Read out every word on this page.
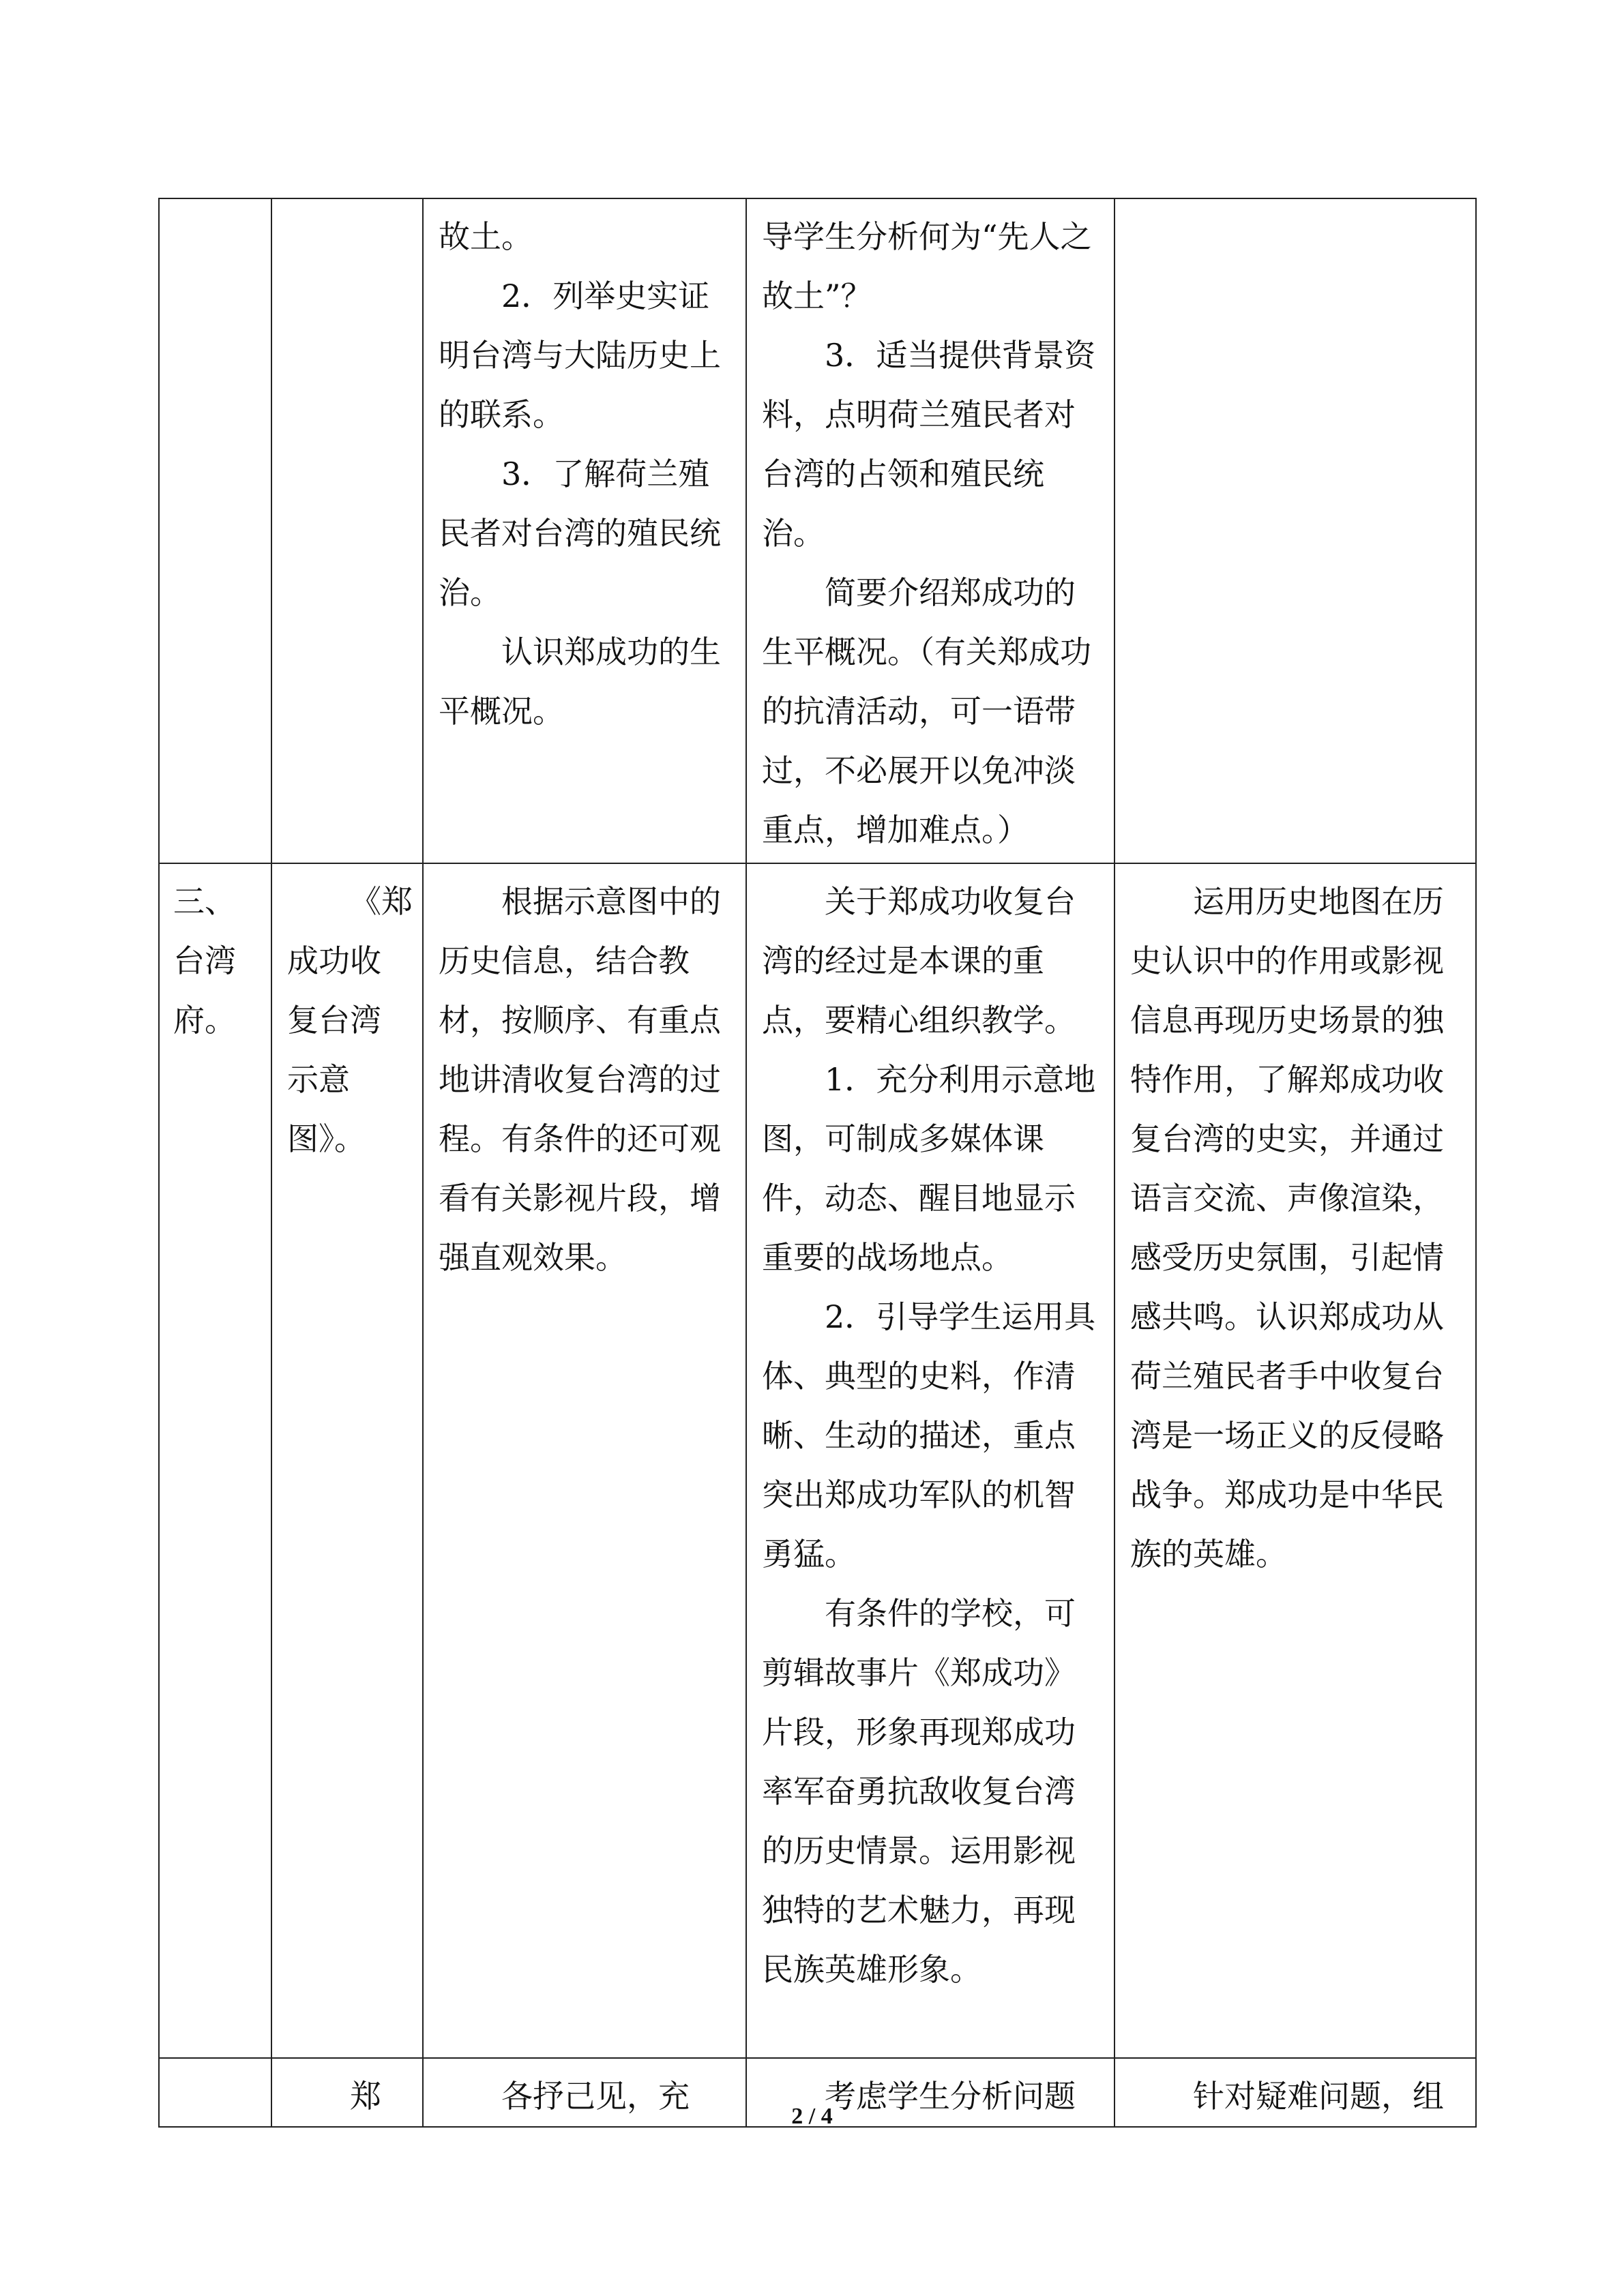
		故土。
2．列举史实证明台湾与大陆历史上的联系。
3．了解荷兰殖民者对台湾的殖民统治。
认识郑成功的生平概况。	导学生分析何为“先人之故土”？
3．适当提供背景资料，点明荷兰殖民者对台湾的占领和殖民统治。
简要介绍郑成功的生平概况。（有关郑成功的抗清活动，可一语带过，不必展开以免冲淡重点，增加难点。）	

三、台湾府。	《郑成功收复台湾示意图》。	根据示意图中的历史信息，结合教材，按顺序、有重点地讲清收复台湾的过程。有条件的还可观看有关影视片段，增强直观效果。	关于郑成功收复台湾的经过是本课的重点，要精心组织教学。
1．充分利用示意地图，可制成多媒体课件，动态、醒目地显示重要的战场地点。
2．引导学生运用具体、典型的史料，作清晰、生动的描述，重点突出郑成功军队的机智勇猛。
有条件的学校，可剪辑故事片《郑成功》片段，形象再现郑成功率军奋勇抗敌收复台湾的历史情景。运用影视独特的艺术魅力，再现民族英雄形象。	运用历史地图在历史认识中的作用或影视信息再现历史场景的独特作用，了解郑成功收复台湾的史实，并通过语言交流、声像渲染，感受历史氛围，引起情感共鸣。认识郑成功从荷兰殖民者手中收复台湾是一场正义的反侵略战争。郑成功是中华民族的英雄。

	郑	各抒己见，充	考虑学生分析问题	针对疑难问题，组
2 / 4
